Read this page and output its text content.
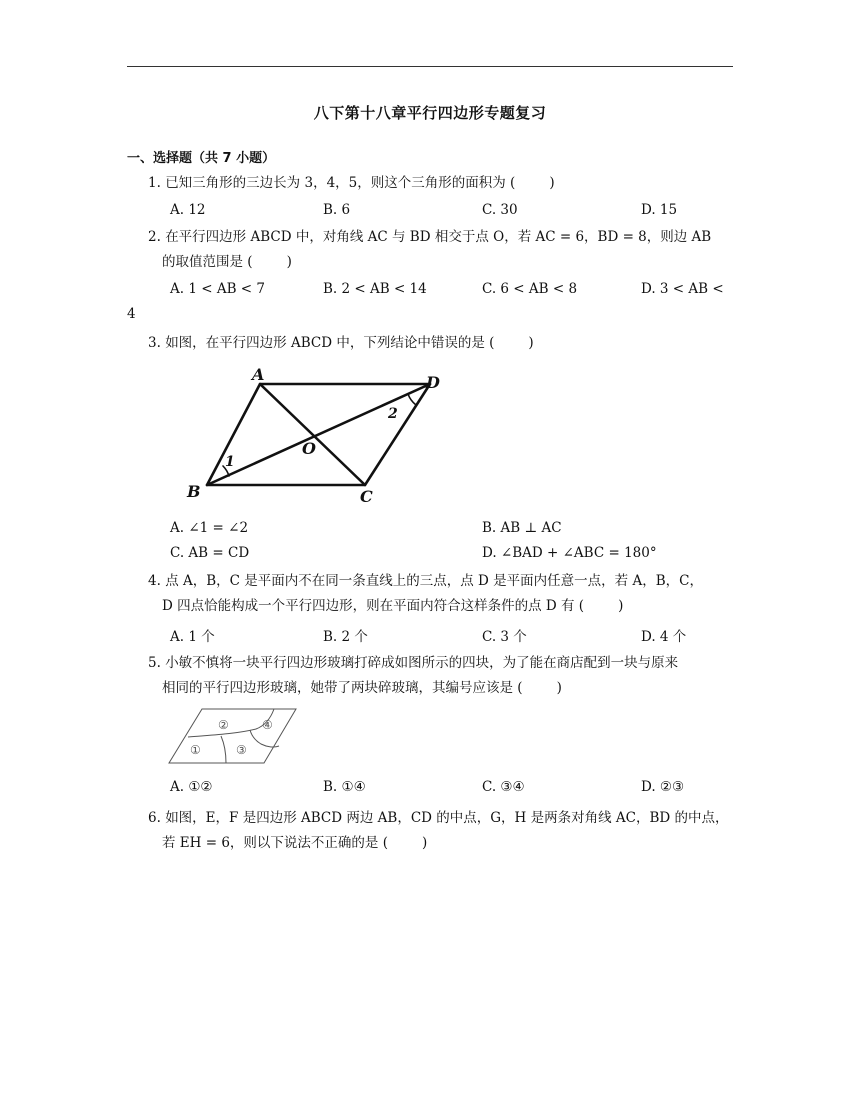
八下第十八章平行四边形专题复习
一、选择题（共 7 小题）
1. 已知三角形的三边长为 3，4，5，则这个三角形的面积为 (	)
A. 12	B. 6	C. 30	D. 15
2. 在平行四边形 ABCD 中，对角线 AC 与 BD 相交于点 O，若 AC = 6，BD = 8，则边 AB
的取值范围是 (	)
A. 1 < AB < 7	B. 2 < AB < 14	C. 6 < AB < 8	D. 3 < AB <
4
3. 如图，在平行四边形 ABCD 中，下列结论中错误的是 (	)
A	D
B	C
O
1
2
A. ∠1 = ∠2	B. AB ⊥ AC
C. AB = CD	D. ∠BAD + ∠ABC = 180°
4. 点 A，B，C 是平面内不在同一条直线上的三点，点 D 是平面内任意一点，若 A，B，C，
D 四点恰能构成一个平行四边形，则在平面内符合这样条件的点 D 有 (	)
A. 1 个	B. 2 个	C. 3 个	D. 4 个
5. 小敏不慎将一块平行四边形玻璃打碎成如图所示的四块，为了能在商店配到一块与原来
相同的平行四边形玻璃，她带了两块碎玻璃，其编号应该是 (	)
②	④
①	③
A. ①②	B. ①④	C. ③④	D. ②③
6. 如图，E，F 是四边形 ABCD 两边 AB，CD 的中点，G，H 是两条对角线 AC，BD 的中点，
若 EH = 6，则以下说法不正确的是 (	)
